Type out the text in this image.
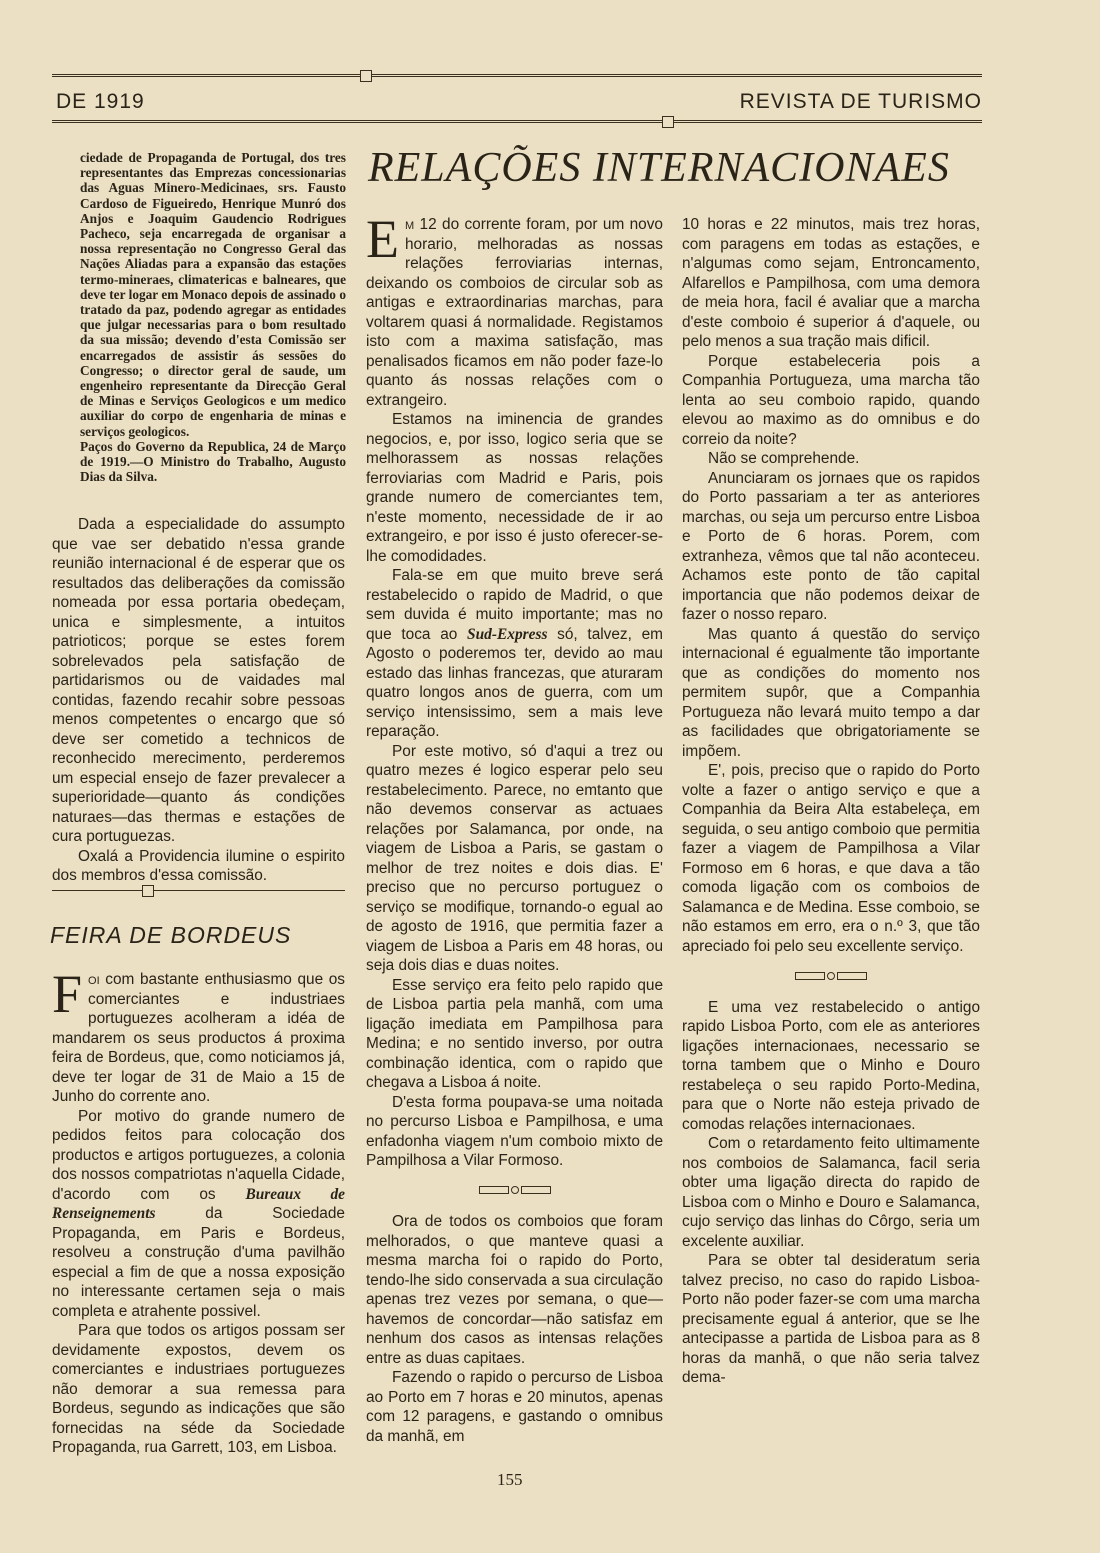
DE 1919	REVISTA DE TURISMO

ciedade de Propaganda de Portugal, dos tres representantes das Emprezas concessionarias das Aguas Minero-Medicinaes, srs. Fausto Cardoso de Figueiredo, Henrique Munró dos Anjos e Joaquim Gaudencio Rodrigues Pacheco, seja encarregada de organisar a nossa representação no Congresso Geral das Nações Aliadas para a expansão das estações termo-mineraes, climatericas e balneares, que deve ter logar em Monaco depois de assinado o tratado da paz, podendo agregar as entidades que julgar necessarias para o bom resultado da sua missão; devendo d'esta Comissão ser encarregados de assistir ás sessões do Congresso; o director geral de saude, um engenheiro representante da Direcção Geral de Minas e Serviços Geologicos e um medico auxiliar do corpo de engenharia de minas e serviços geologicos.

Paços do Governo da Republica, 24 de Março de 1919.—O Ministro do Trabalho, Augusto Dias da Silva.

Dada a especialidade do assumpto que vae ser debatido n'essa grande reunião internacional é de esperar que os resultados das deliberações da comissão nomeada por essa portaria obedeçam, unica e simplesmente, a intuitos patrioticos; porque se estes forem sobrelevados pela satisfação de partidarismos ou de vaidades mal contidas, fazendo recahir sobre pessoas menos competentes o encargo que só deve ser cometido a technicos de reconhecido merecimento, perderemos um especial ensejo de fazer prevalecer a superioridade—quanto ás condições naturaes—das thermas e estações de cura portuguezas.

Oxalá a Providencia ilumine o espirito dos membros d'essa comissão.

FEIRA DE BORDEUS

Foi com bastante enthusiasmo que os comerciantes e industriaes portuguezes acolheram a idéa de mandarem os seus productos á proxima feira de Bordeus, que, como noticiamos já, deve ter logar de 31 de Maio a 15 de Junho do corrente ano.

Por motivo do grande numero de pedidos feitos para colocação dos productos e artigos portuguezes, a colonia dos nossos compatriotas n'aquella Cidade, d'acordo com os Bureaux de Renseignements da Sociedade Propaganda, em Paris e Bordeus, resolveu a construção d'uma pavilhão especial a fim de que a nossa exposição no interessante certamen seja o mais completa e atrahente possivel.

Para que todos os artigos possam ser devidamente expostos, devem os comerciantes e industriaes portuguezes não demorar a sua remessa para Bordeus, segundo as indicações que são fornecidas na séde da Sociedade Propaganda, rua Garrett, 103, em Lisboa.

RELAÇÕES INTERNACIONAES

Em 12 do corrente foram, por um novo horario, melhoradas as nossas relações ferroviarias internas, deixando os comboios de circular sob as antigas e extraordinarias marchas, para voltarem quasi á normalidade. Registamos isto com a maxima satisfação, mas penalisados ficamos em não poder faze-lo quanto ás nossas relações com o extrangeiro.

Estamos na iminencia de grandes negocios, e, por isso, logico seria que se melhorassem as nossas relações ferroviarias com Madrid e Paris, pois grande numero de comerciantes tem, n'este momento, necessidade de ir ao extrangeiro, e por isso é justo oferecer-se-lhe comodidades.

Fala-se em que muito breve será restabelecido o rapido de Madrid, o que sem duvida é muito importante; mas no que toca ao Sud-Express só, talvez, em Agosto o poderemos ter, devido ao mau estado das linhas francezas, que aturaram quatro longos anos de guerra, com um serviço intensissimo, sem a mais leve reparação.

Por este motivo, só d'aqui a trez ou quatro mezes é logico esperar pelo seu restabelecimento. Parece, no emtanto que não devemos conservar as actuaes relações por Salamanca, por onde, na viagem de Lisboa a Paris, se gastam o melhor de trez noites e dois dias. E' preciso que no percurso portuguez o serviço se modifique, tornando-o egual ao de agosto de 1916, que permitia fazer a viagem de Lisboa a Paris em 48 horas, ou seja dois dias e duas noites.

Esse serviço era feito pelo rapido que de Lisboa partia pela manhã, com uma ligação imediata em Pampilhosa para Medina; e no sentido inverso, por outra combinação identica, com o rapido que chegava a Lisboa á noite.

D'esta forma poupava-se uma noitada no percurso Lisboa e Pampilhosa, e uma enfadonha viagem n'um comboio mixto de Pampilhosa a Vilar Formoso.

Ora de todos os comboios que foram melhorados, o que manteve quasi a mesma marcha foi o rapido do Porto, tendo-lhe sido conservada a sua circulação apenas trez vezes por semana, o que—havemos de concordar—não satisfaz em nenhum dos casos as intensas relações entre as duas capitaes.

Fazendo o rapido o percurso de Lisboa ao Porto em 7 horas e 20 minutos, apenas com 12 paragens, e gastando o omnibus da manhã, em

10 horas e 22 minutos, mais trez horas, com paragens em todas as estações, e n'algumas como sejam, Entroncamento, Alfarellos e Pampilhosa, com uma demora de meia hora, facil é avaliar que a marcha d'este comboio é superior á d'aquele, ou pelo menos a sua tração mais dificil.

Porque estabeleceria pois a Companhia Portugueza, uma marcha tão lenta ao seu comboio rapido, quando elevou ao maximo as do omnibus e do correio da noite?

Não se comprehende.

Anunciaram os jornaes que os rapidos do Porto passariam a ter as anteriores marchas, ou seja um percurso entre Lisboa e Porto de 6 horas. Porem, com extranheza, vêmos que tal não aconteceu. Achamos este ponto de tão capital importancia que não podemos deixar de fazer o nosso reparo.

Mas quanto á questão do serviço internacional é egualmente tão importante que as condições do momento nos permitem supôr, que a Companhia Portugueza não levará muito tempo a dar as facilidades que obrigatoriamente se impõem.

E', pois, preciso que o rapido do Porto volte a fazer o antigo serviço e que a Companhia da Beira Alta estabeleça, em seguida, o seu antigo comboio que permitia fazer a viagem de Pampilhosa a Vilar Formoso em 6 horas, e que dava a tão comoda ligação com os comboios de Salamanca e de Medina. Esse comboio, se não estamos em erro, era o n.º 3, que tão apreciado foi pelo seu excellente serviço.

E uma vez restabelecido o antigo rapido Lisboa Porto, com ele as anteriores ligações internacionaes, necessario se torna tambem que o Minho e Douro restabeleça o seu rapido Porto-Medina, para que o Norte não esteja privado de comodas relações internacionaes.

Com o retardamento feito ultimamente nos comboios de Salamanca, facil seria obter uma ligação directa do rapido de Lisboa com o Minho e Douro e Salamanca, cujo serviço das linhas do Côrgo, seria um excelente auxiliar.

Para se obter tal desideratum seria talvez preciso, no caso do rapido Lisboa-Porto não poder fazer-se com uma marcha precisamente egual á anterior, que se lhe antecipasse a partida de Lisboa para as 8 horas da manhã, o que não seria talvez dema-

155
